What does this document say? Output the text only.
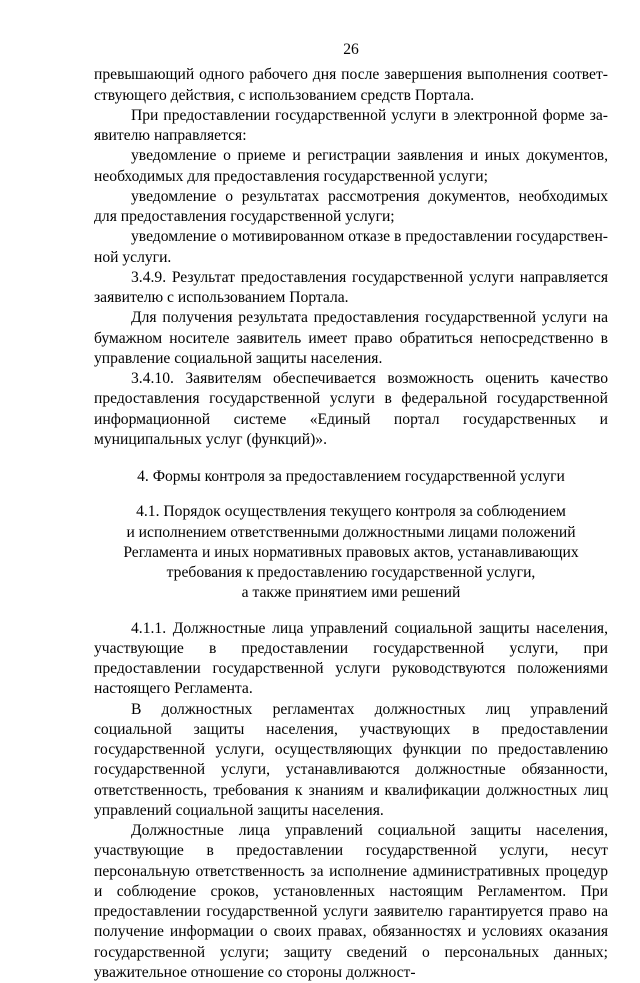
26

превышающий одного рабочего дня после завершения выполнения соответствующего действия, с использованием средств Портала.

При предоставлении государственной услуги в электронной форме заявителю направляется:

уведомление о приеме и регистрации заявления и иных документов, необходимых для предоставления государственной услуги;

уведомление о результатах рассмотрения документов, необходимых для предоставления государственной услуги;

уведомление о мотивированном отказе в предоставлении государственной услуги.

3.4.9. Результат предоставления государственной услуги направляется заявителю с использованием Портала.

Для получения результата предоставления государственной услуги на бумажном носителе заявитель имеет право обратиться непосредственно в управление социальной защиты населения.

3.4.10. Заявителям обеспечивается возможность оценить качество предоставления государственной услуги в федеральной государственной информационной системе «Единый портал государственных и муниципальных услуг (функций)».

4. Формы контроля за предоставлением государственной услуги

4.1. Порядок осуществления текущего контроля за соблюдением
и исполнением ответственными должностными лицами положений
Регламента и иных нормативных правовых актов, устанавливающих
требования к предоставлению государственной услуги,
а также принятием ими решений

4.1.1. Должностные лица управлений социальной защиты населения, участвующие в предоставлении государственной услуги, при предоставлении государственной услуги руководствуются положениями настоящего Регламента.

В должностных регламентах должностных лиц управлений социальной защиты населения, участвующих в предоставлении государственной услуги, осуществляющих функции по предоставлению государственной услуги, устанавливаются должностные обязанности, ответственность, требования к знаниям и квалификации должностных лиц управлений социальной защиты населения.

Должностные лица управлений социальной защиты населения, участвующие в предоставлении государственной услуги, несут персональную ответственность за исполнение административных процедур и соблюдение сроков, установленных настоящим Регламентом. При предоставлении государственной услуги заявителю гарантируется право на получение информации о своих правах, обязанностях и условиях оказания государственной услуги; защиту сведений о персональных данных; уважительное отношение со стороны должност-
